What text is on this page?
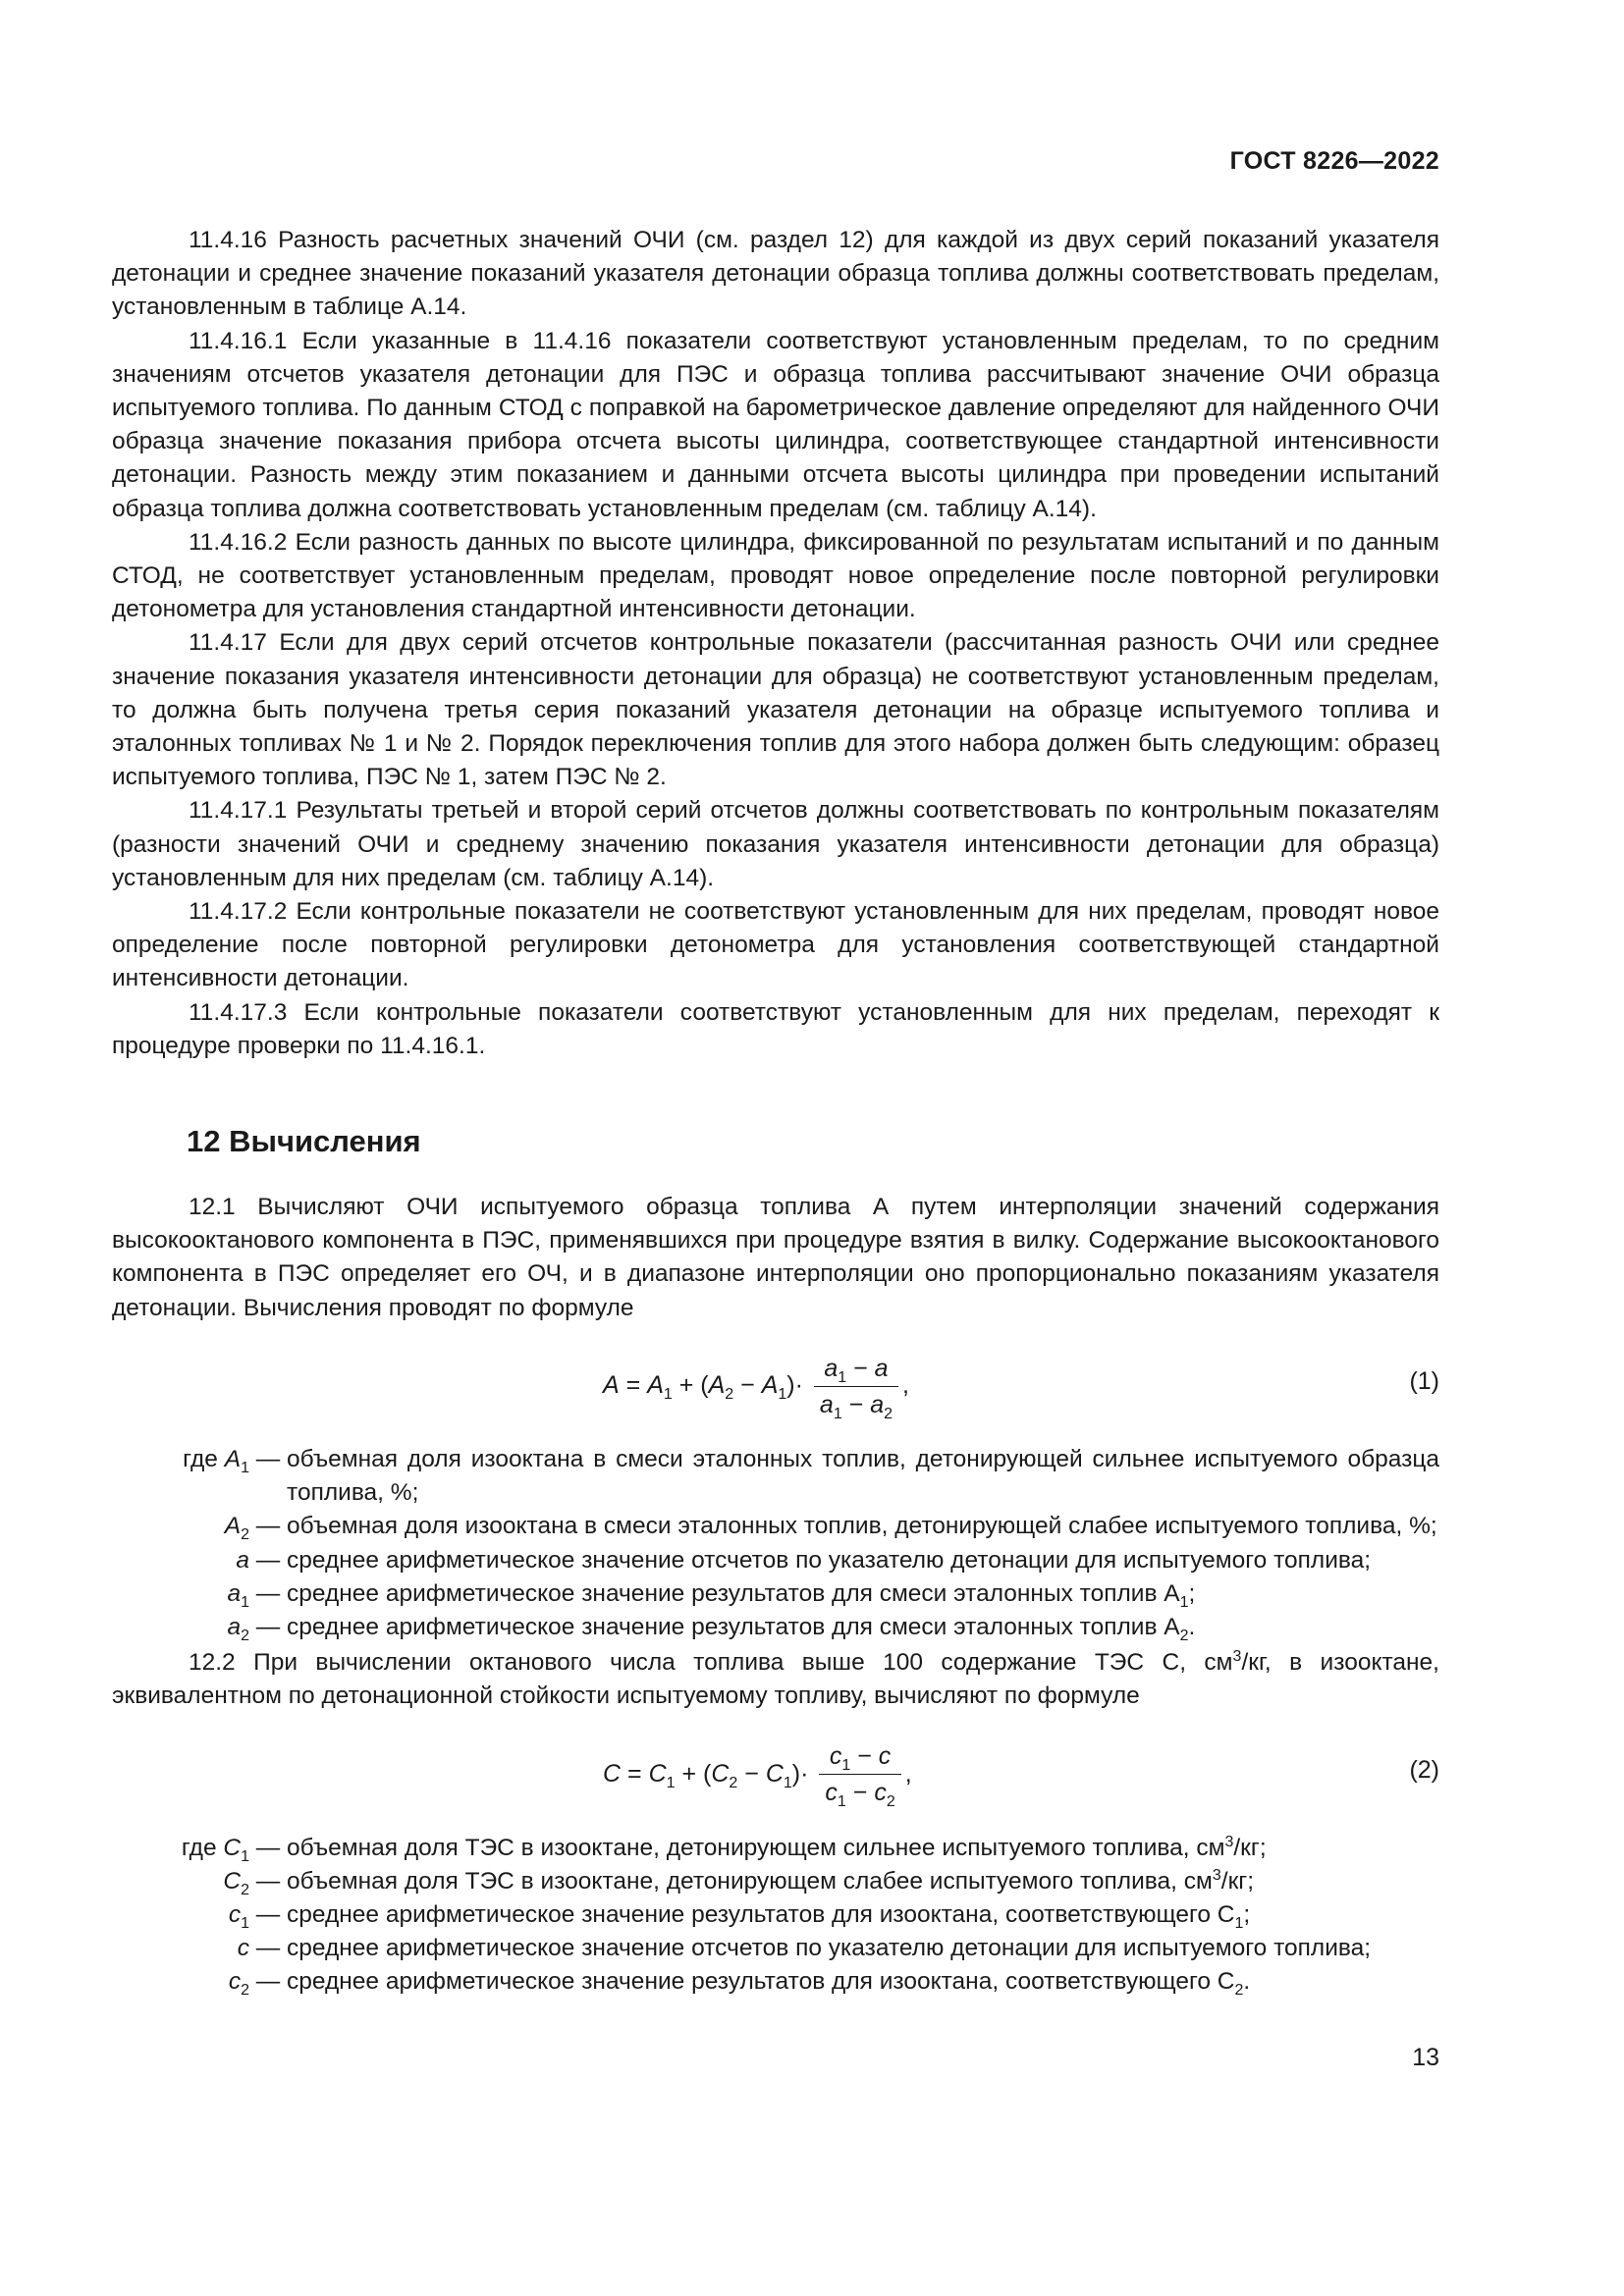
ГОСТ 8226—2022

11.4.16 Разность расчетных значений ОЧИ (см. раздел 12) для каждой из двух серий показаний указателя детонации и среднее значение показаний указателя детонации образца топлива должны соответствовать пределам, установленным в таблице А.14.

11.4.16.1 Если указанные в 11.4.16 показатели соответствуют установленным пределам, то по средним значениям отсчетов указателя детонации для ПЭС и образца топлива рассчитывают значение ОЧИ образца испытуемого топлива. По данным СТОД с поправкой на барометрическое давление определяют для найденного ОЧИ образца значение показания прибора отсчета высоты цилиндра, соответствующее стандартной интенсивности детонации. Разность между этим показанием и данными отсчета высоты цилиндра при проведении испытаний образца топлива должна соответствовать установленным пределам (см. таблицу А.14).

11.4.16.2 Если разность данных по высоте цилиндра, фиксированной по результатам испытаний и по данным СТОД, не соответствует установленным пределам, проводят новое определение после повторной регулировки детонометра для установления стандартной интенсивности детонации.

11.4.17 Если для двух серий отсчетов контрольные показатели (рассчитанная разность ОЧИ или среднее значение показания указателя интенсивности детонации для образца) не соответствуют установленным пределам, то должна быть получена третья серия показаний указателя детонации на образце испытуемого топлива и эталонных топливах № 1 и № 2. Порядок переключения топлив для этого набора должен быть следующим: образец испытуемого топлива, ПЭС № 1, затем ПЭС № 2.

11.4.17.1 Результаты третьей и второй серий отсчетов должны соответствовать по контрольным показателям (разности значений ОЧИ и среднему значению показания указателя интенсивности детонации для образца) установленным для них пределам (см. таблицу А.14).

11.4.17.2 Если контрольные показатели не соответствуют установленным для них пределам, проводят новое определение после повторной регулировки детонометра для установления соответствующей стандартной интенсивности детонации.

11.4.17.3 Если контрольные показатели соответствуют установленным для них пределам, переходят к процедуре проверки по 11.4.16.1.

12 Вычисления

12.1 Вычисляют ОЧИ испытуемого образца топлива А путем интерполяции значений содержания высокооктанового компонента в ПЭС, применявшихся при процедуре взятия в вилку. Содержание высокооктанового компонента в ПЭС определяет его ОЧ, и в диапазоне интерполяции оно пропорционально показаниям указателя детонации. Вычисления проводят по формуле

$A = A_1 + (A_2 - A_1)\cdot \frac{a_1 - a}{a_1 - a_2}$ ,	(1)
где $A_1$ — объемная доля изооктана в смеси эталонных топлив, детонирующей сильнее испытуемого образца топлива, %;
$A_2$ — объемная доля изооктана в смеси эталонных топлив, детонирующей слабее испытуемого топлива, %;
a — среднее арифметическое значение отсчетов по указателю детонации для испытуемого топлива;
$a_1$ — среднее арифметическое значение результатов для смеси эталонных топлив $A_1$;
$a_2$ — среднее арифметическое значение результатов для смеси эталонных топлив $A_2$.

12.2 При вычислении октанового числа топлива выше 100 содержание ТЭС C, $см^3/кг$, в изооктане, эквивалентном по детонационной стойкости испытуемому топливу, вычисляют по формуле

$C = C_1 + (C_2 - C_1)\cdot \frac{c_1 - c}{c_1 - c_2}$ ,	(2)
где $C_1$ — объемная доля ТЭС в изооктане, детонирующем сильнее испытуемого топлива, $см^3/кг$;
$C_2$ — объемная доля ТЭС в изооктане, детонирующем слабее испытуемого топлива, $см^3/кг$;
$c_1$ — среднее арифметическое значение результатов для изооктана, соответствующего $C_1$;
c — среднее арифметическое значение отсчетов по указателю детонации для испытуемого топлива;
$c_2$ — среднее арифметическое значение результатов для изооктана, соответствующего $C_2$.
13
